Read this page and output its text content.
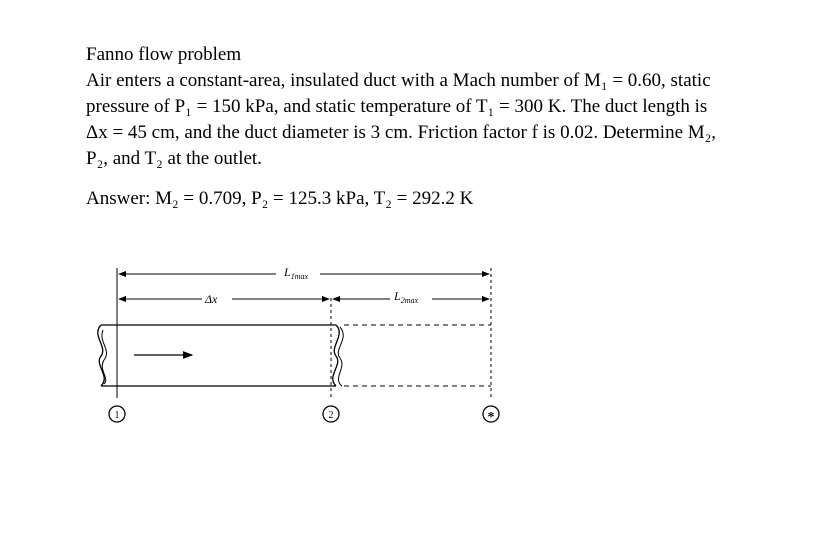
Fanno flow problem

Air enters a constant-area, insulated duct with a Mach number of M₁ = 0.60, static

pressure of P₁ = 150 kPa, and static temperature of T₁ = 300 K. The duct length is

Δx = 45 cm, and the duct diameter is 3 cm. Friction factor f is 0.02. Determine M₂,

P₂, and T₂ at the outlet.

Answer: M₂ = 0.709, P₂ = 125.3 kPa, T₂ = 292.2 K

$L_{1max}$
Δx	$L_{2max}$
1	2	*
